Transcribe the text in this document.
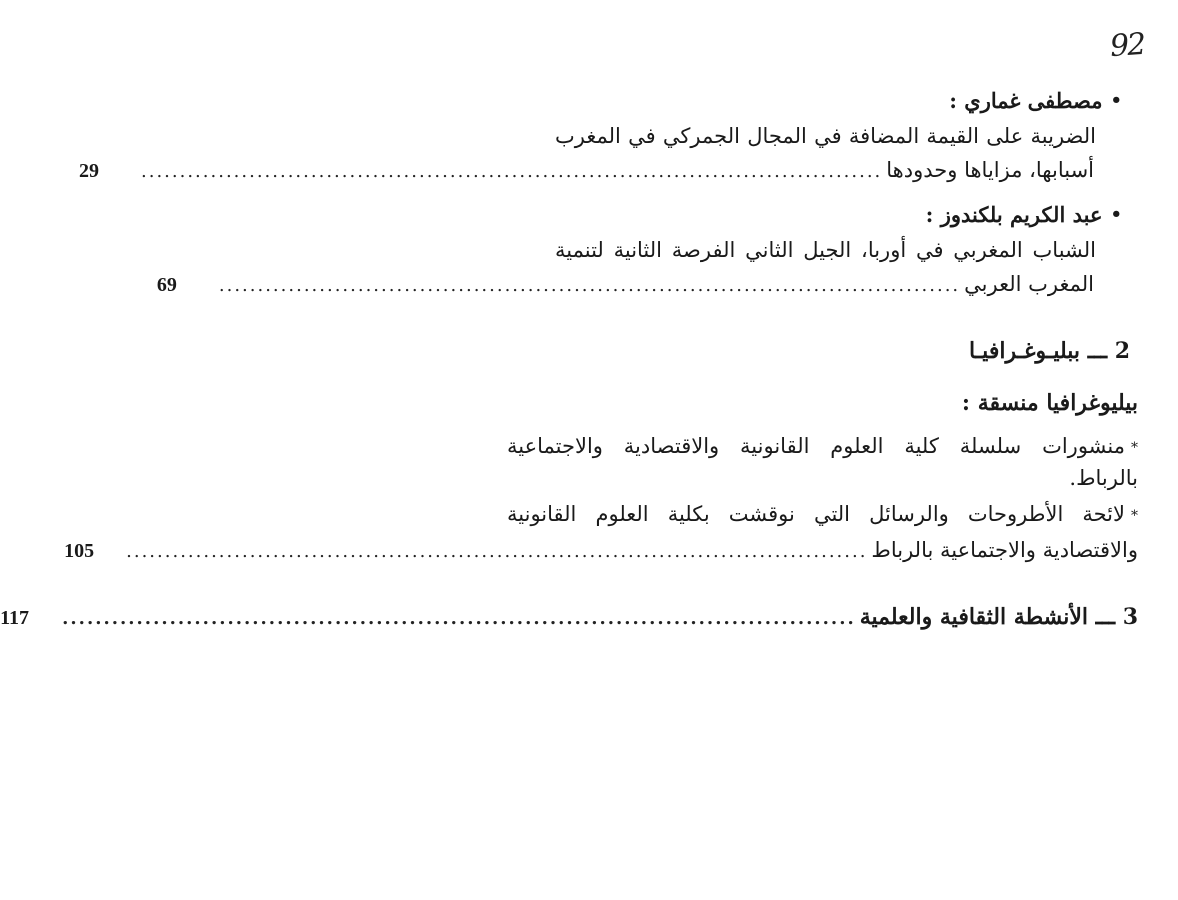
92
•
مصطفى غماري :
الضريبة على القيمة المضافة في المجال الجمركي في المغرب
أسبابها، مزاياها وحدودها
................................................................................................
29
•
عبد الكريم بلكندوز :
الشباب المغربي في أوربا، الجيل الثاني الفرصة الثانية لتنمية
المغرب العربي
................................................................................................
69
2 ـــ ببليـوغـرافيـا
بيليوغرافيا منسقة :
*منشورات سلسلة كلية العلوم القانونية والاقتصادية والاجتماعية
بالرباط.
*لائحة الأطروحات والرسائل التي نوقشت بكلية العلوم القانونية
والاقتصادية والاجتماعية بالرباط
................................................................................................
105
3 ـــ الأنشطة الثقافية والعلمية
................................................................................................
117
